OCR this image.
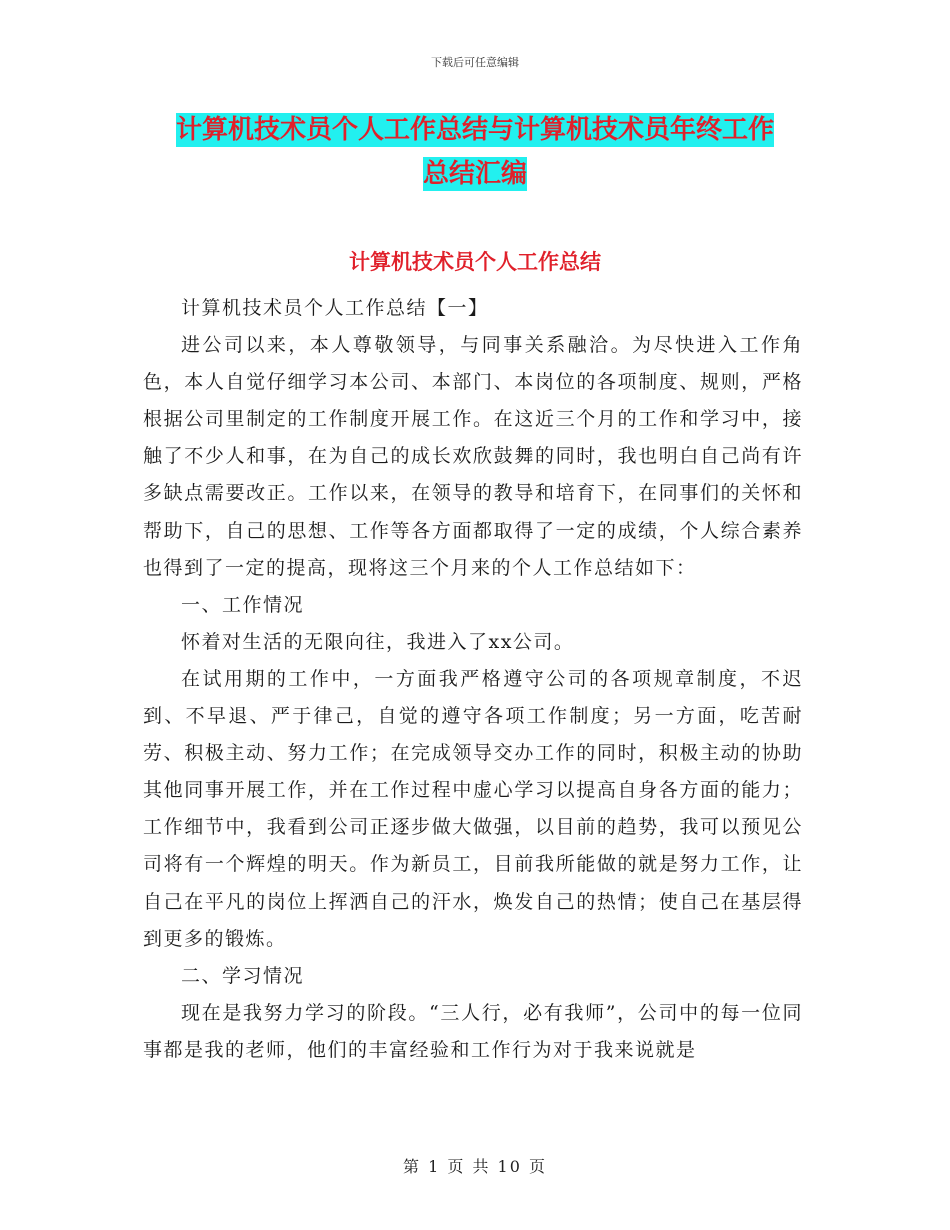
下载后可任意编辑
计算机技术员个人工作总结与计算机技术员年终工作
总结汇编
计算机技术员个人工作总结

计算机技术员个人工作总结【一】

进公司以来，本人尊敬领导，与同事关系融洽。为尽快进入工作角色，本人自觉仔细学习本公司、本部门、本岗位的各项制度、规则，严格根据公司里制定的工作制度开展工作。在这近三个月的工作和学习中，接触了不少人和事，在为自己的成长欢欣鼓舞的同时，我也明白自己尚有许多缺点需要改正。工作以来，在领导的教导和培育下，在同事们的关怀和帮助下，自己的思想、工作等各方面都取得了一定的成绩，个人综合素养也得到了一定的提高，现将这三个月来的个人工作总结如下：

一、工作情况

怀着对生活的无限向往，我进入了xx公司。

在试用期的工作中，一方面我严格遵守公司的各项规章制度，不迟到、不早退、严于律己，自觉的遵守各项工作制度；另一方面，吃苦耐劳、积极主动、努力工作；在完成领导交办工作的同时，积极主动的协助其他同事开展工作，并在工作过程中虚心学习以提高自身各方面的能力；工作细节中，我看到公司正逐步做大做强，以目前的趋势，我可以预见公司将有一个辉煌的明天。作为新员工，目前我所能做的就是努力工作，让自己在平凡的岗位上挥洒自己的汗水，焕发自己的热情；使自己在基层得到更多的锻炼。

二、学习情况

现在是我努力学习的阶段。“三人行，必有我师”，公司中的每一位同事都是我的老师，他们的丰富经验和工作行为对于我来说就是

第 1 页 共 10 页
